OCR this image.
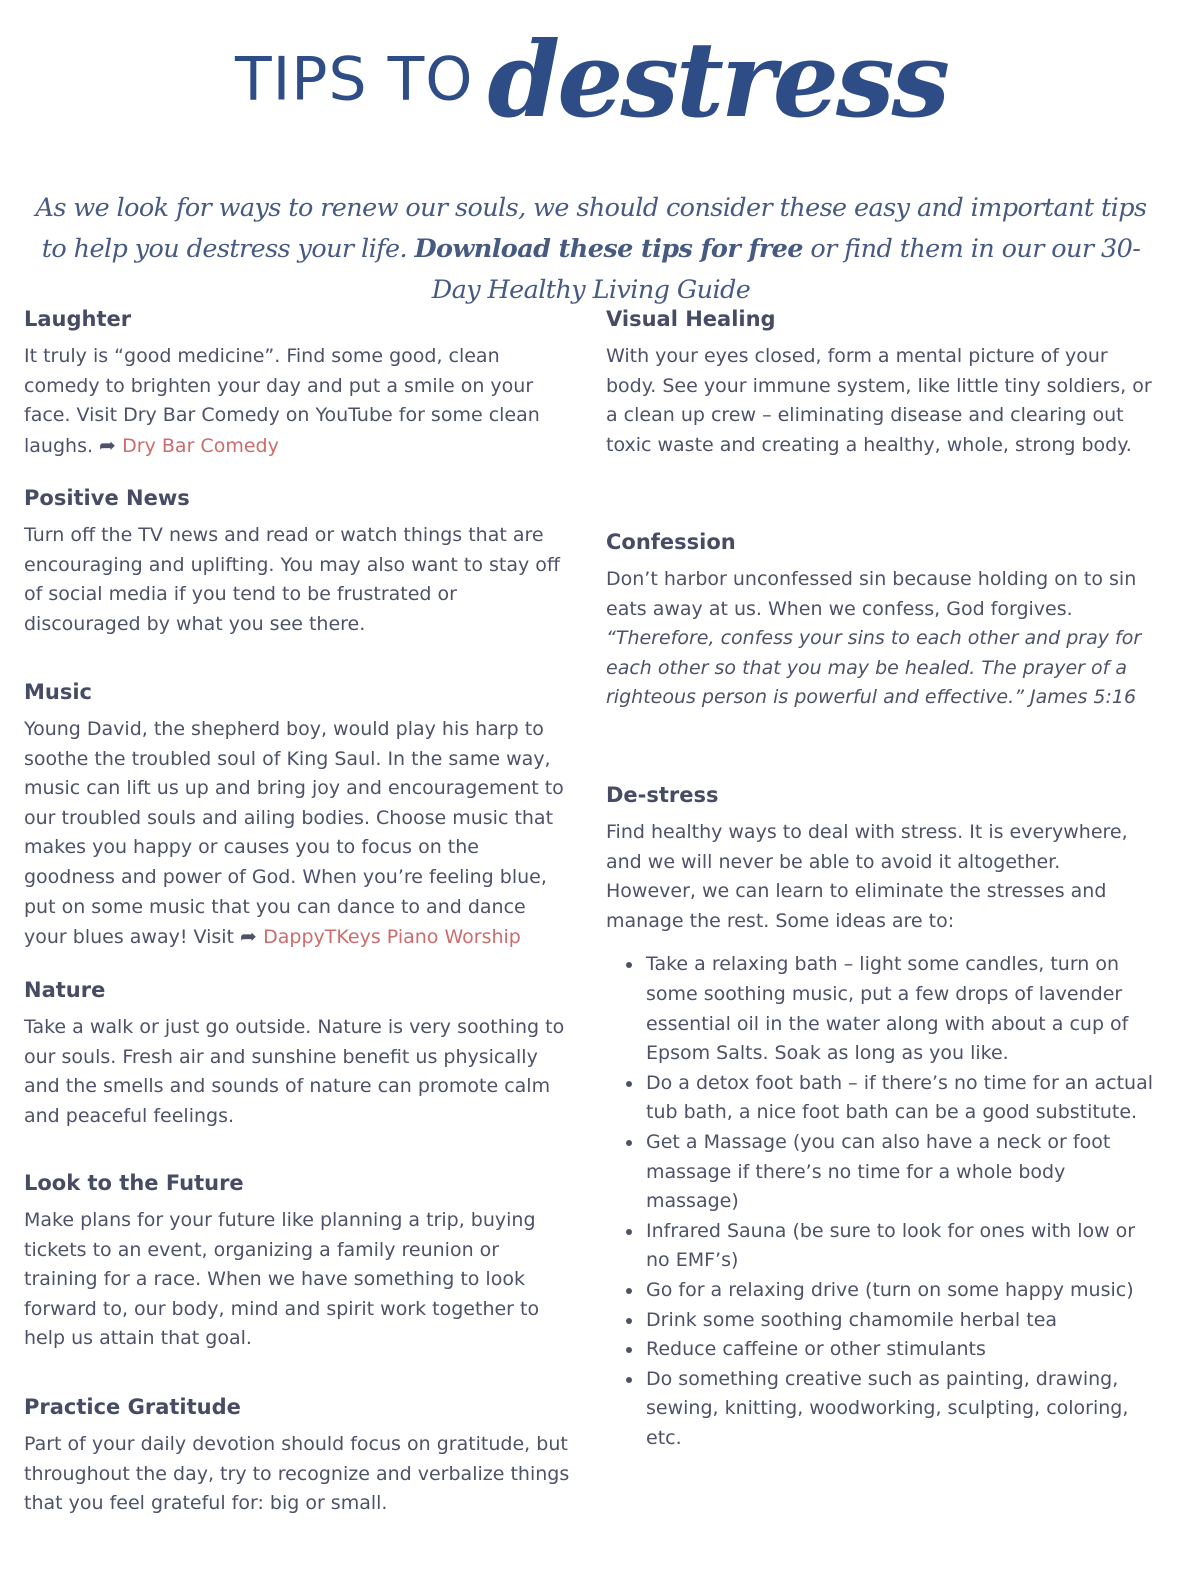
TIPS TO destress
As we look for ways to renew our souls, we should consider these easy and important tips to help you destress your life. Download these tips for free or find them in our our 30-Day Healthy Living Guide
Laughter

It truly is “good medicine”. Find some good, clean comedy to brighten your day and put a smile on your face. Visit Dry Bar Comedy on YouTube for some clean laughs. ➦ Dry Bar Comedy

Positive News

Turn off the TV news and read or watch things that are encouraging and uplifting. You may also want to stay off of social media if you tend to be frustrated or discouraged by what you see there.

Music

Young David, the shepherd boy, would play his harp to soothe the troubled soul of King Saul. In the same way, music can lift us up and bring joy and encouragement to our troubled souls and ailing bodies. Choose music that makes you happy or causes you to focus on the goodness and power of God. When you’re feeling blue, put on some music that you can dance to and dance your blues away! Visit ➦ DappyTKeys Piano Worship

Nature

Take a walk or just go outside. Nature is very soothing to our souls. Fresh air and sunshine benefit us physically and the smells and sounds of nature can promote calm and peaceful feelings.

Look to the Future

Make plans for your future like planning a trip, buying tickets to an event, organizing a family reunion or training for a race. When we have something to look forward to, our body, mind and spirit work together to help us attain that goal.

Practice Gratitude

Part of your daily devotion should focus on gratitude, but throughout the day, try to recognize and verbalize things that you feel grateful for: big or small.

Visual Healing

With your eyes closed, form a mental picture of your body. See your immune system, like little tiny soldiers, or a clean up crew – eliminating disease and clearing out toxic waste and creating a healthy, whole, strong body.

Confession

Don’t harbor unconfessed sin because holding on to sin eats away at us. When we confess, God forgives. “Therefore, confess your sins to each other and pray for each other so that you may be healed. The prayer of a righteous person is powerful and effective.” James 5:16

De-stress

Find healthy ways to deal with stress. It is everywhere, and we will never be able to avoid it altogether. However, we can learn to eliminate the stresses and manage the rest. Some ideas are to:

• Take a relaxing bath – light some candles, turn on some soothing music, put a few drops of lavender essential oil in the water along with about a cup of Epsom Salts. Soak as long as you like.
• Do a detox foot bath – if there’s no time for an actual tub bath, a nice foot bath can be a good substitute.
• Get a Massage (you can also have a neck or foot massage if there’s no time for a whole body massage)
• Infrared Sauna (be sure to look for ones with low or no EMF’s)
• Go for a relaxing drive (turn on some happy music)
• Drink some soothing chamomile herbal tea
• Reduce caffeine or other stimulants
• Do something creative such as painting, drawing, sewing, knitting, woodworking, sculpting, coloring, etc.
